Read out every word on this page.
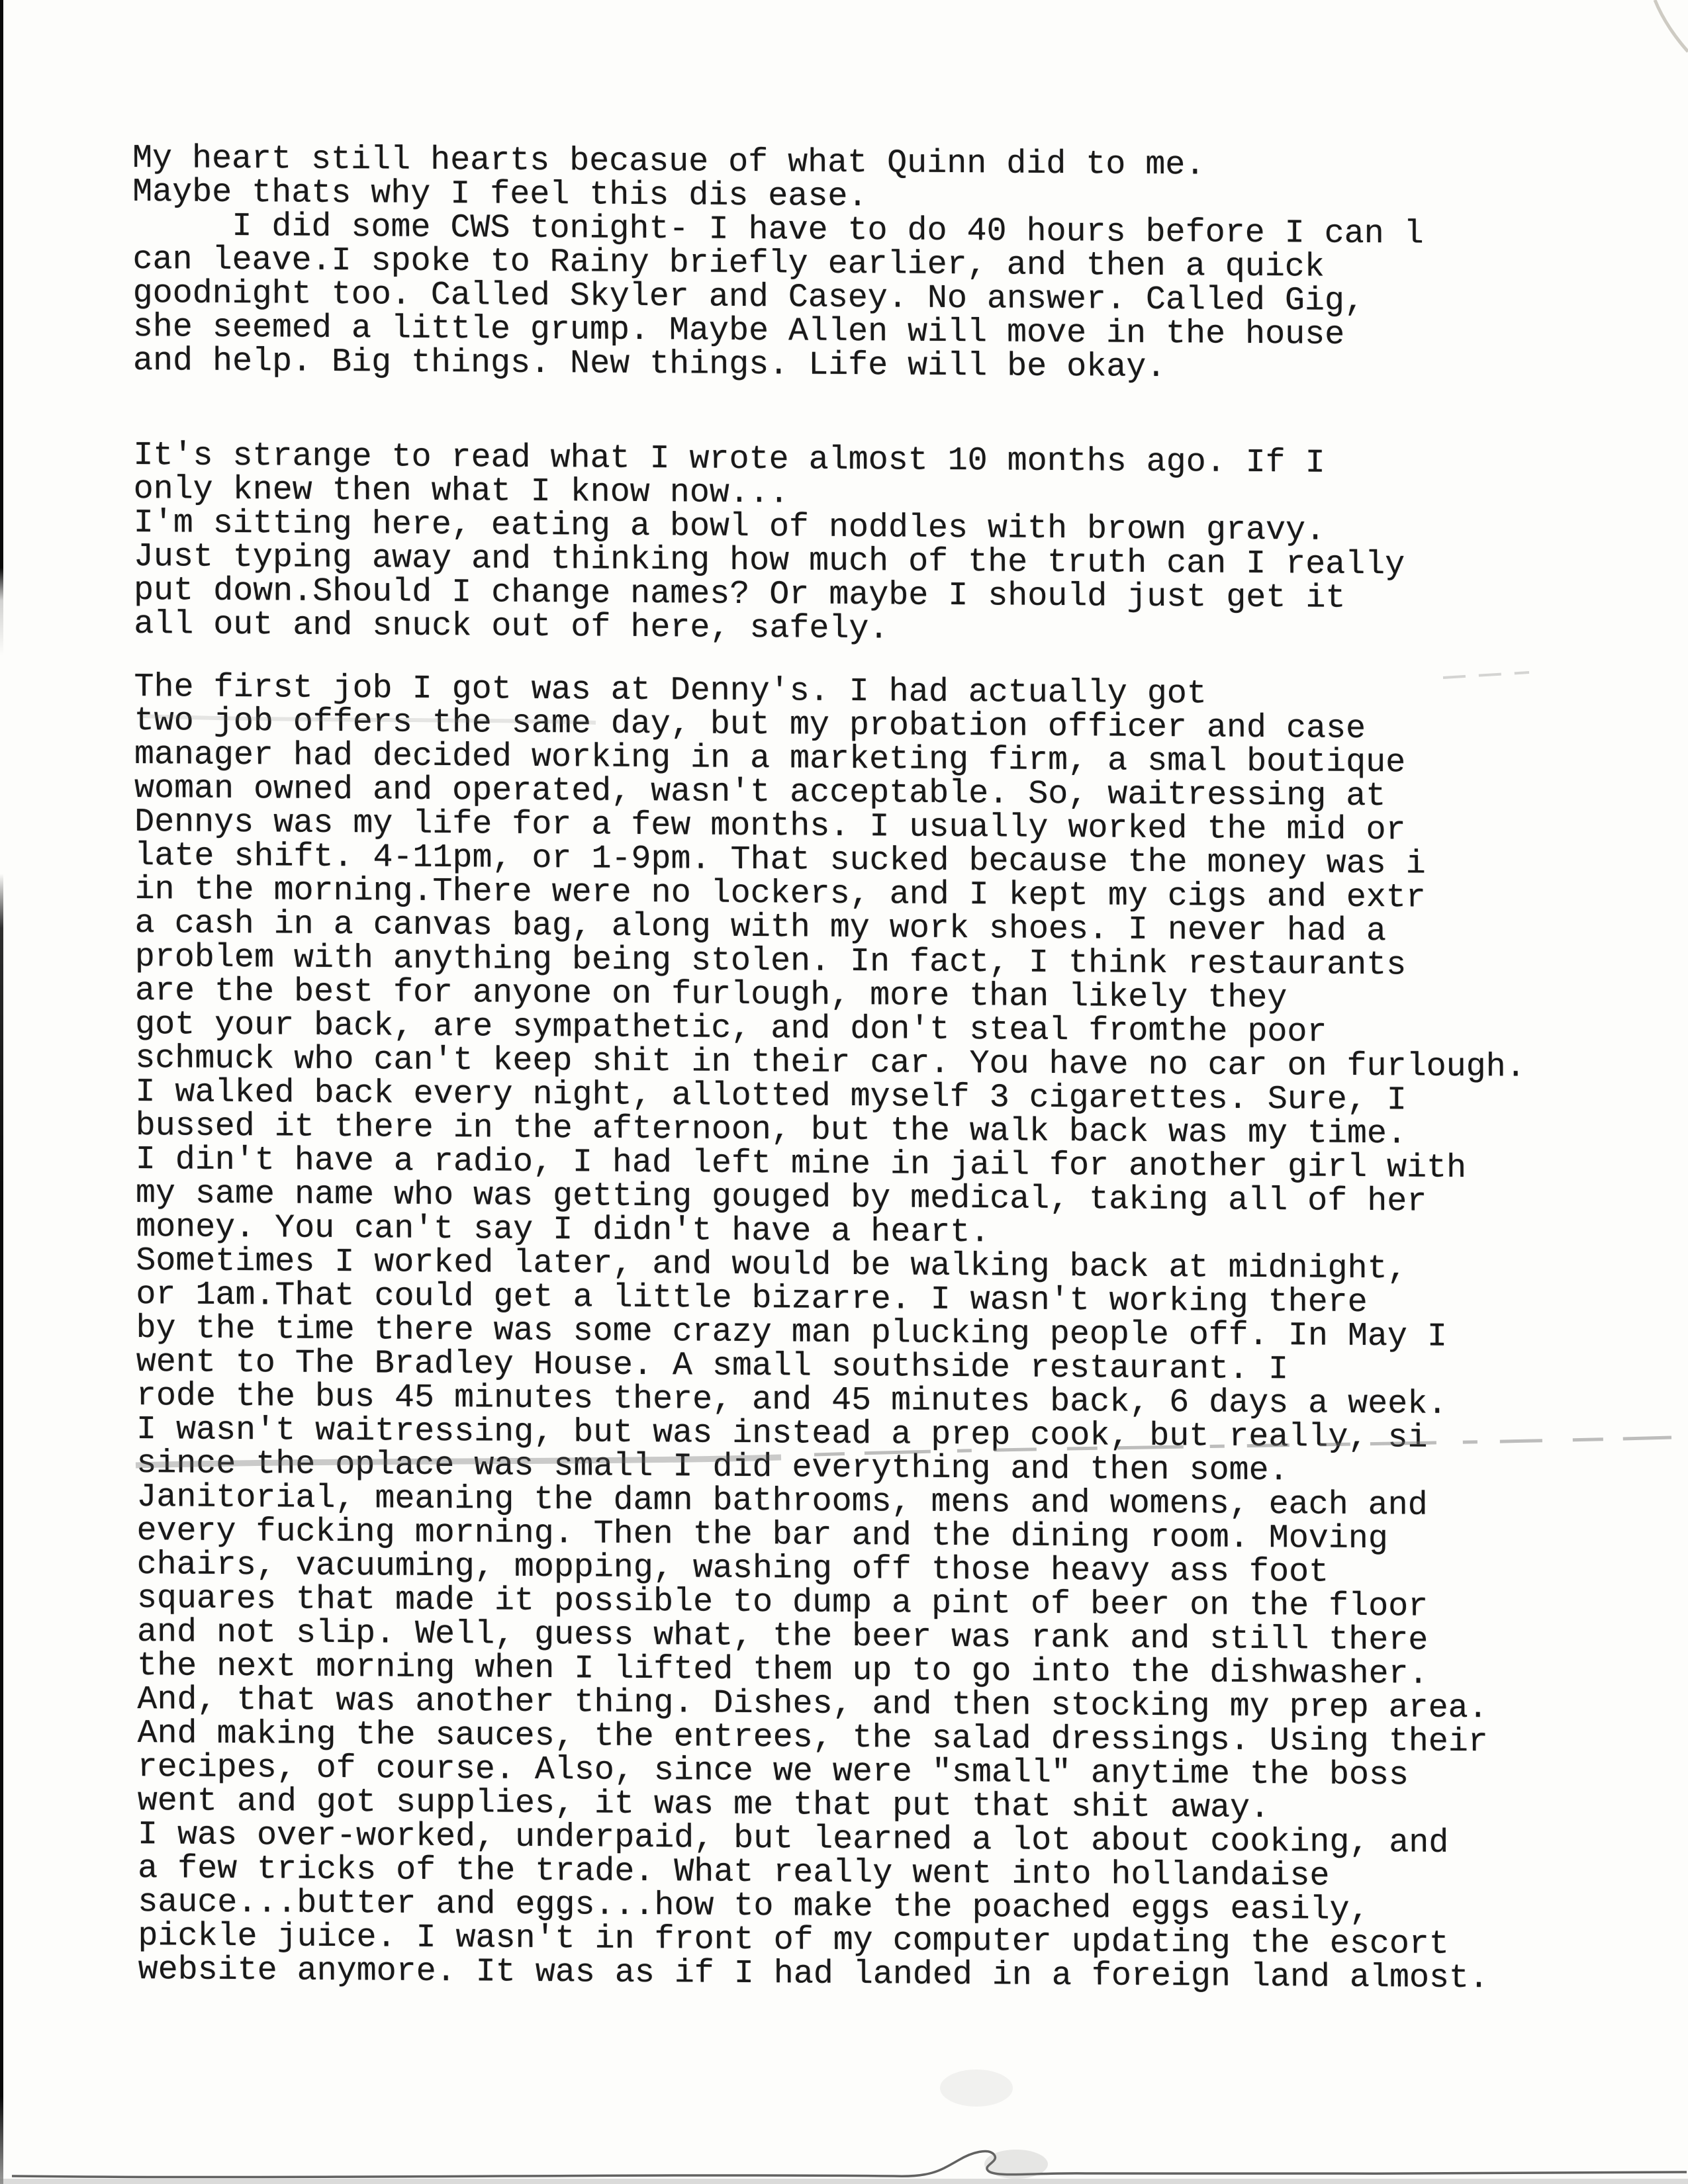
My heart still hearts becasue of what Quinn did to me.
Maybe thats why I feel this dis ease.
I did some CWS tonight- I have to do 40 hours before I can l
can leave.I spoke to Rainy briefly earlier, and then a quick
goodnight too. Called Skyler and Casey. No answer. Called Gig,
she seemed a little grump. Maybe Allen will move in the house
and help. Big things. New things. Life will be okay.
It's strange to read what I wrote almost 10 months ago. If I
only knew then what I know now...
I'm sitting here, eating a bowl of noddles with brown gravy.
Just typing away and thinking how much of the truth can I really
put down.Should I change names? Or maybe I should just get it
all out and snuck out of here, safely.
The first job I got was at Denny's. I had actually got
two job offers the same day, but my probation officer and case
manager had decided working in a marketing firm, a smal boutique
woman owned and operated, wasn't acceptable. So, waitressing at
Dennys was my life for a few months. I usually worked the mid or
late shift. 4-11pm, or 1-9pm. That sucked because the money was i
in the morning.There were no lockers, and I kept my cigs and extr
a cash in a canvas bag, along with my work shoes. I never had a
problem with anything being stolen. In fact, I think restaurants
are the best for anyone on furlough, more than likely they
got your back, are sympathetic, and don't steal fromthe poor
schmuck who can't keep shit in their car. You have no car on furlough.
I walked back every night, allotted myself 3 cigarettes. Sure, I
bussed it there in the afternoon, but the walk back was my time.
I din't have a radio, I had left mine in jail for another girl with
my same name who was getting gouged by medical, taking all of her
money. You can't say I didn't have a heart.
Sometimes I worked later, and would be walking back at midnight,
or 1am.That could get a little bizarre. I wasn't working there
by the time there was some crazy man plucking people off. In May I
went to The Bradley House. A small southside restaurant. I
rode the bus 45 minutes there, and 45 minutes back, 6 days a week.
I wasn't waitressing, but was instead a prep cook, but really, si
since the oplace was small I did everything and then some.
Janitorial, meaning the damn bathrooms, mens and womens, each and
every fucking morning. Then the bar and the dining room. Moving
chairs, vacuuming, mopping, washing off those heavy ass foot
squares that made it possible to dump a pint of beer on the floor
and not slip. Well, guess what, the beer was rank and still there
the next morning when I lifted them up to go into the dishwasher.
And, that was another thing. Dishes, and then stocking my prep area.
And making the sauces, the entrees, the salad dressings. Using their
recipes, of course. Also, since we were "small" anytime the boss
went and got supplies, it was me that put that shit away.
I was over-worked, underpaid, but learned a lot about cooking, and
a few tricks of the trade. What really went into hollandaise
sauce...butter and eggs...how to make the poached eggs easily,
pickle juice. I wasn't in front of my computer updating the escort
website anymore. It was as if I had landed in a foreign land almost.
